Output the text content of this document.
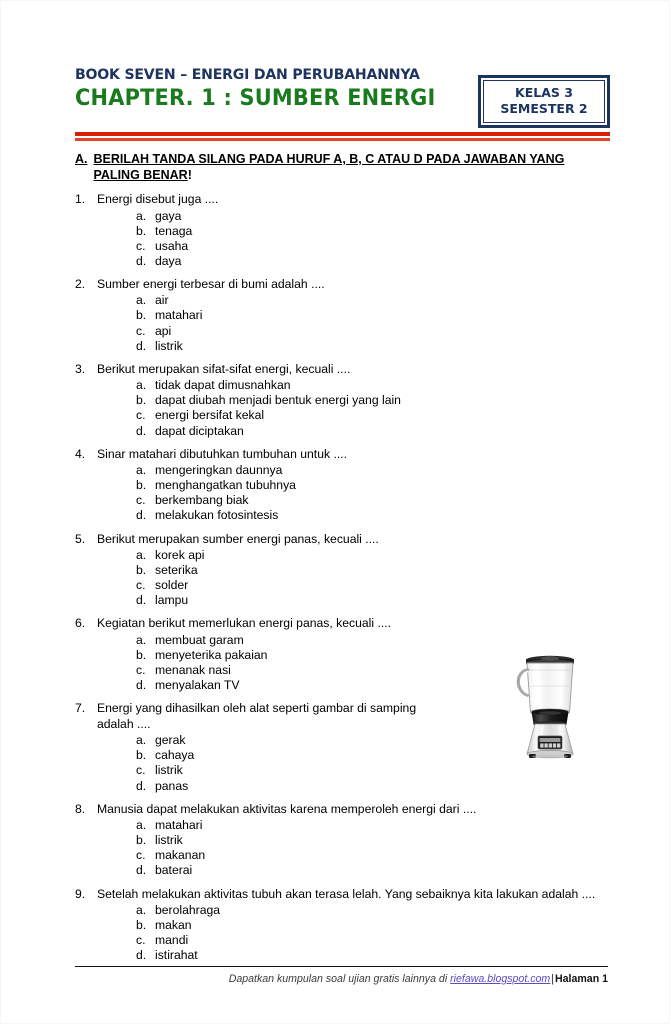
BOOK SEVEN – ENERGI DAN PERUBAHANNYA
CHAPTER. 1 : SUMBER ENERGI	KELAS 3
SEMESTER 2
A. BERILAH TANDA SILANG PADA HURUF A, B, C ATAU D PADA JAWABAN YANG PALING BENAR!
1. Energi disebut juga ....
a. gaya
b. tenaga
c. usaha
d. daya
2. Sumber energi terbesar di bumi adalah ....
a. air
b. matahari
c. api
d. listrik
3. Berikut merupakan sifat-sifat energi, kecuali ....
a. tidak dapat dimusnahkan
b. dapat diubah menjadi bentuk energi yang lain
c. energi bersifat kekal
d. dapat diciptakan
4. Sinar matahari dibutuhkan tumbuhan untuk ....
a. mengeringkan daunnya
b. menghangatkan tubuhnya
c. berkembang biak
d. melakukan fotosintesis
5. Berikut merupakan sumber energi panas, kecuali ....
a. korek api
b. seterika
c. solder
d. lampu
6. Kegiatan berikut memerlukan energi panas, kecuali ....
a. membuat garam
b. menyeterika pakaian
c. menanak nasi
d. menyalakan TV
7. Energi yang dihasilkan oleh alat seperti gambar di samping adalah ....
a. gerak
b. cahaya
c. listrik
d. panas
8. Manusia dapat melakukan aktivitas karena memperoleh energi dari ....
a. matahari
b. listrik
c. makanan
d. baterai
9. Setelah melakukan aktivitas tubuh akan terasa lelah. Yang sebaiknya kita lakukan adalah ....
a. berolahraga
b. makan
c. mandi
d. istirahat
Dapatkan kumpulan soal ujian gratis lainnya di riefawa.blogspot.com|Halaman 1
